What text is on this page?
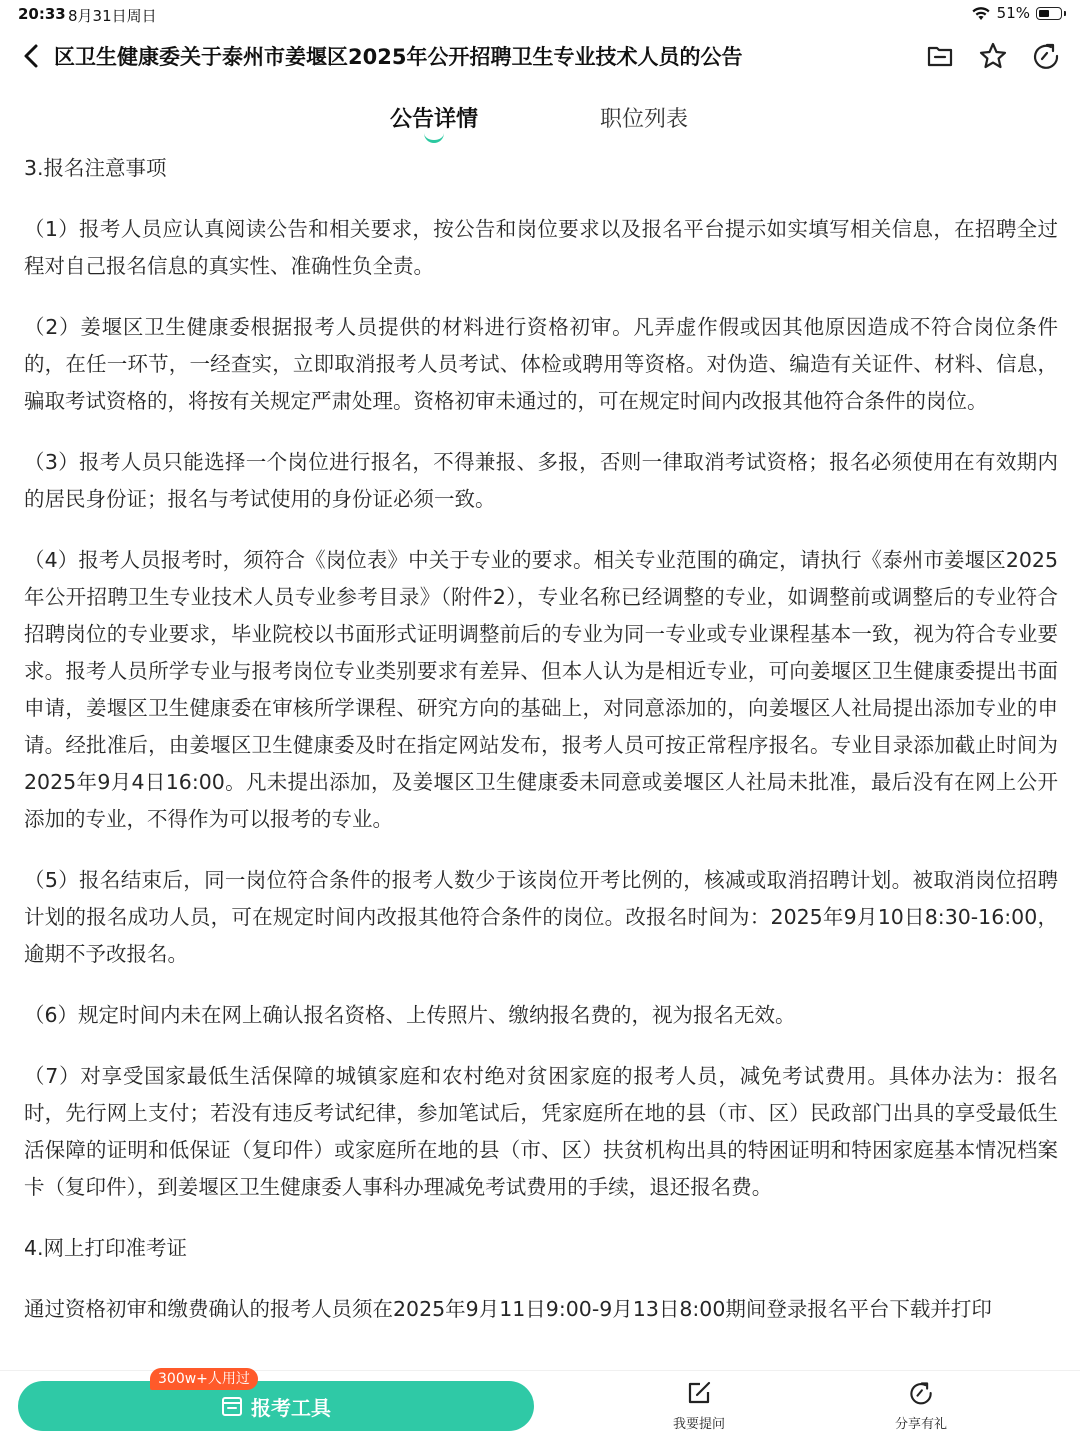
20:33 8月31日周日	51%
区卫生健康委关于泰州市姜堰区2025年公开招聘卫生专业技术人员的公告
公告详情	职位列表

3.报名注意事项

（1）报考人员应认真阅读公告和相关要求，按公告和岗位要求以及报名平台提示如实填写相关信息，在招聘全过程对自己报名信息的真实性、准确性负全责。

（2）姜堰区卫生健康委根据报考人员提供的材料进行资格初审。凡弄虚作假或因其他原因造成不符合岗位条件的，在任一环节，一经查实，立即取消报考人员考试、体检或聘用等资格。对伪造、编造有关证件、材料、信息，骗取考试资格的，将按有关规定严肃处理。资格初审未通过的，可在规定时间内改报其他符合条件的岗位。

（3）报考人员只能选择一个岗位进行报名，不得兼报、多报，否则一律取消考试资格；报名必须使用在有效期内的居民身份证；报名与考试使用的身份证必须一致。

（4）报考人员报考时，须符合《岗位表》中关于专业的要求。相关专业范围的确定，请执行《泰州市姜堰区2025年公开招聘卫生专业技术人员专业参考目录》（附件2），专业名称已经调整的专业，如调整前或调整后的专业符合招聘岗位的专业要求，毕业院校以书面形式证明调整前后的专业为同一专业或专业课程基本一致，视为符合专业要求。报考人员所学专业与报考岗位专业类别要求有差异、但本人认为是相近专业，可向姜堰区卫生健康委提出书面申请，姜堰区卫生健康委在审核所学课程、研究方向的基础上，对同意添加的，向姜堰区人社局提出添加专业的申请。经批准后，由姜堰区卫生健康委及时在指定网站发布，报考人员可按正常程序报名。专业目录添加截止时间为2025年9月4日16:00。凡未提出添加，及姜堰区卫生健康委未同意或姜堰区人社局未批准，最后没有在网上公开添加的专业，不得作为可以报考的专业。

（5）报名结束后，同一岗位符合条件的报考人数少于该岗位开考比例的，核减或取消招聘计划。被取消岗位招聘计划的报名成功人员，可在规定时间内改报其他符合条件的岗位。改报名时间为：2025年9月10日8:30-16:00，逾期不予改报名。

（6）规定时间内未在网上确认报名资格、上传照片、缴纳报名费的，视为报名无效。

（7）对享受国家最低生活保障的城镇家庭和农村绝对贫困家庭的报考人员，减免考试费用。具体办法为：报名时，先行网上支付；若没有违反考试纪律，参加笔试后，凭家庭所在地的县（市、区）民政部门出具的享受最低生活保障的证明和低保证（复印件）或家庭所在地的县（市、区）扶贫机构出具的特困证明和特困家庭基本情况档案卡（复印件），到姜堰区卫生健康委人事科办理减免考试费用的手续，退还报名费。

4.网上打印准考证

通过资格初审和缴费确认的报考人员须在2025年9月11日9:00-9月13日8:00期间登录报名平台下载并打印

报考工具
300w+人用过
我要提问	分享有礼
